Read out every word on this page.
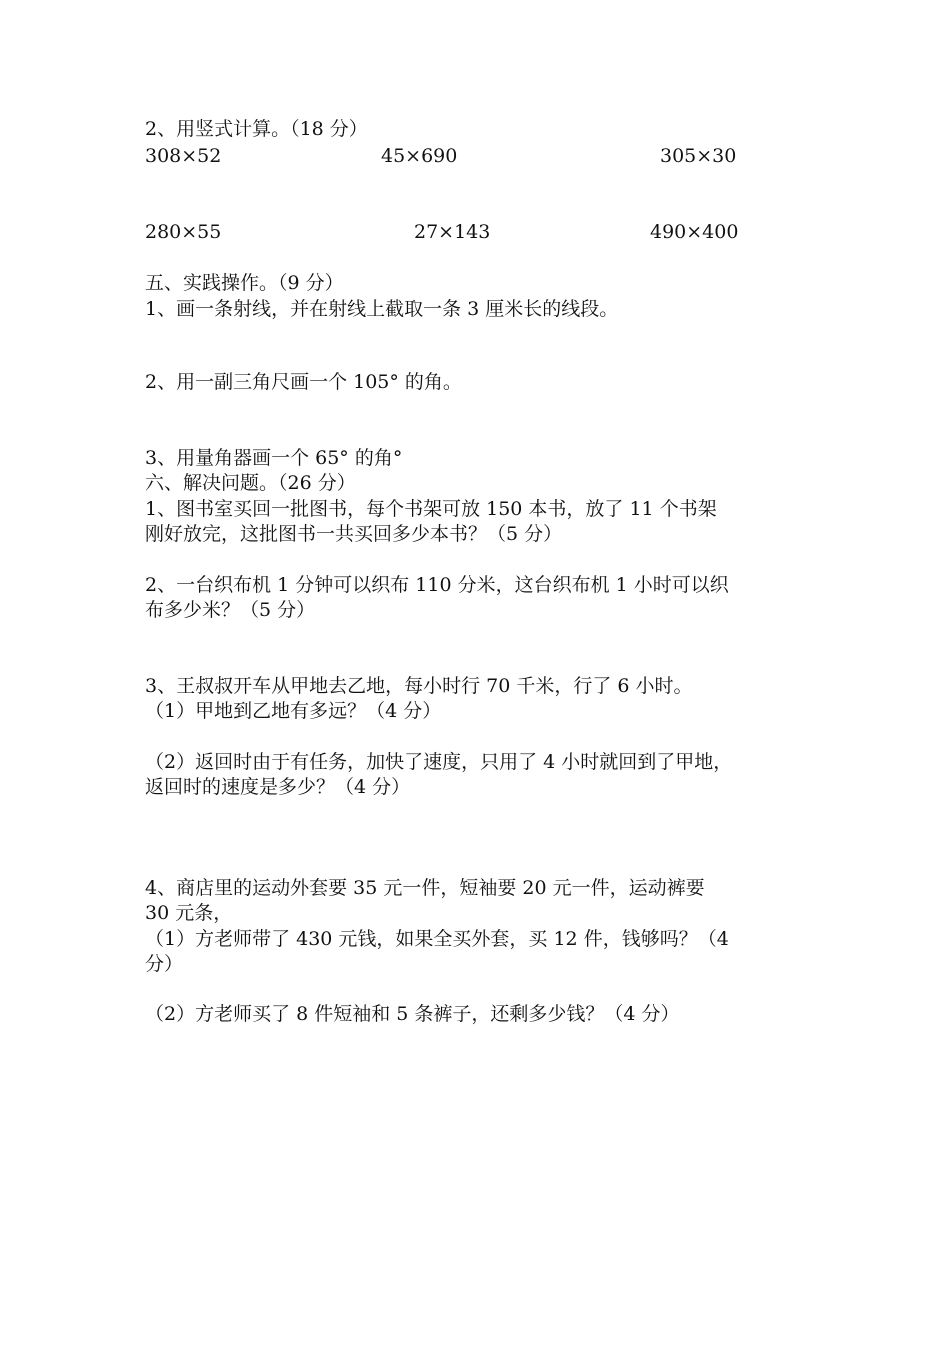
2、用竖式计算。（18 分）
308×52	45×690	305×30
280×55	27×143	490×400
五、实践操作。（9 分）
1、画一条射线，并在射线上截取一条 3 厘米长的线段。
2、用一副三角尺画一个 105° 的角。
3、用量角器画一个 65° 的角°
六、解决问题。（26 分）
1、图书室买回一批图书，每个书架可放 150 本书，放了 11 个书架
刚好放完，这批图书一共买回多少本书？（5 分）
2、一台织布机 1 分钟可以织布 110 分米，这台织布机 1 小时可以织
布多少米？（5 分）
3、王叔叔开车从甲地去乙地，每小时行 70 千米，行了 6 小时。
（1）甲地到乙地有多远？（4 分）
（2）返回时由于有任务，加快了速度，只用了 4 小时就回到了甲地，
返回时的速度是多少？（4 分）
4、商店里的运动外套要 35 元一件，短袖要 20 元一件，运动裤要
30 元条，
（1）方老师带了 430 元钱，如果全买外套，买 12 件，钱够吗？（4
分）
（2）方老师买了 8 件短袖和 5 条裤子，还剩多少钱？（4 分）
